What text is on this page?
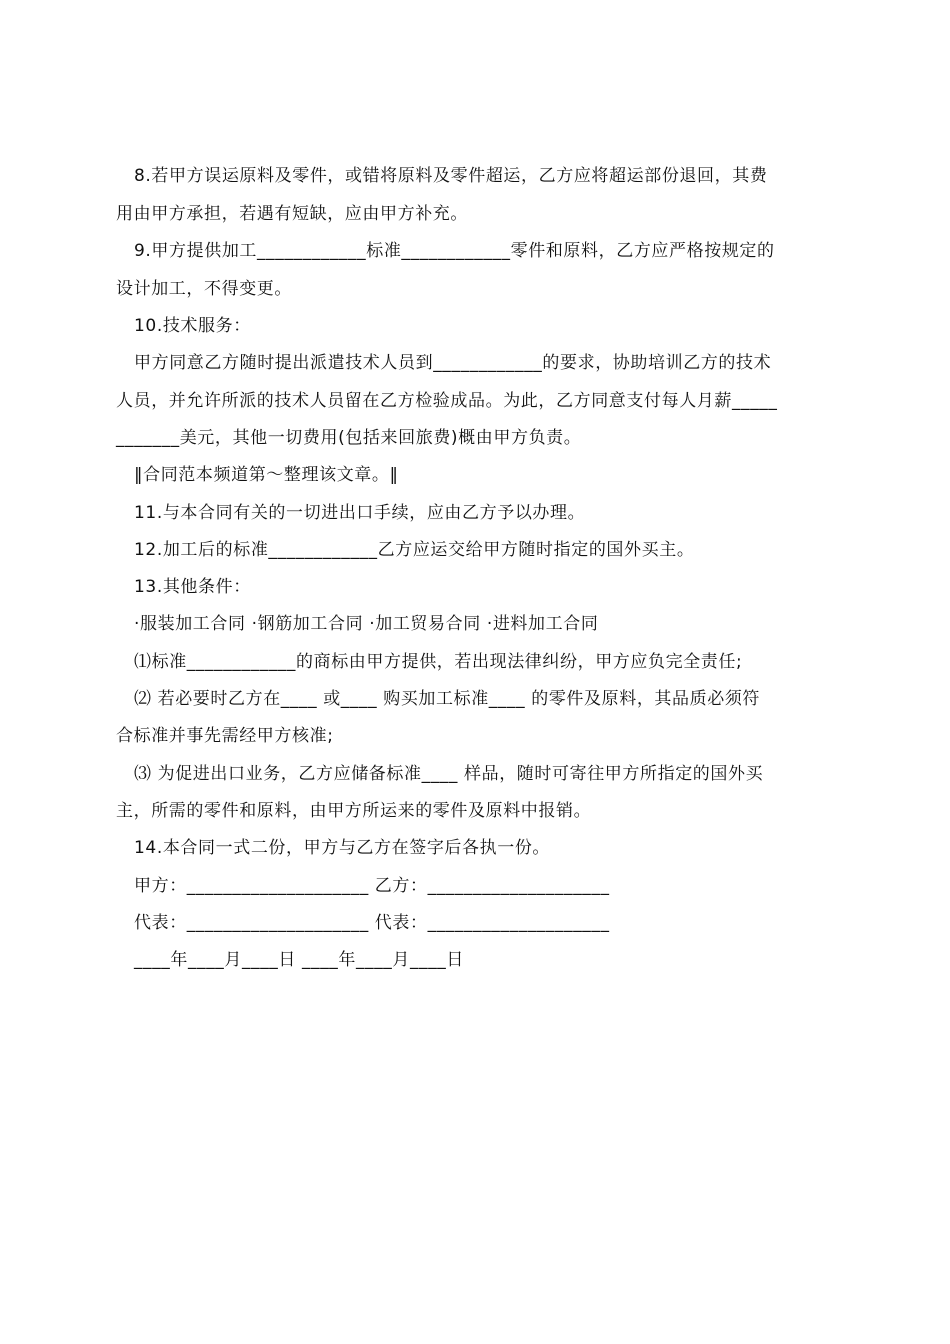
8.若甲方误运原料及零件，或错将原料及零件超运，乙方应将超运部份退回，其费
用由甲方承担，若遇有短缺，应由甲方补充。
9.甲方提供加工____________标准____________零件和原料，乙方应严格按规定的
设计加工，不得变更。
10.技术服务：
甲方同意乙方随时提出派遣技术人员到____________的要求，协助培训乙方的技术
人员，并允许所派的技术人员留在乙方检验成品。为此，乙方同意支付每人月薪_____
_______美元，其他一切费用(包括来回旅费)概由甲方负责。
‖合同范本频道第～整理该文章。‖
11.与本合同有关的一切进出口手续，应由乙方予以办理。
12.加工后的标准____________乙方应运交给甲方随时指定的国外买主。
13.其他条件：
·服装加工合同 ·钢筋加工合同 ·加工贸易合同 ·进料加工合同
⑴标准____________的商标由甲方提供，若出现法律纠纷，甲方应负完全责任;
⑵ 若必要时乙方在____ 或____ 购买加工标准____ 的零件及原料，其品质必须符
合标准并事先需经甲方核准;
⑶ 为促进出口业务，乙方应储备标准____ 样品，随时可寄往甲方所指定的国外买
主，所需的零件和原料，由甲方所运来的零件及原料中报销。
14.本合同一式二份，甲方与乙方在签字后各执一份。
甲方：____________________ 乙方：____________________
代表：____________________ 代表：____________________
____年____月____日 ____年____月____日
